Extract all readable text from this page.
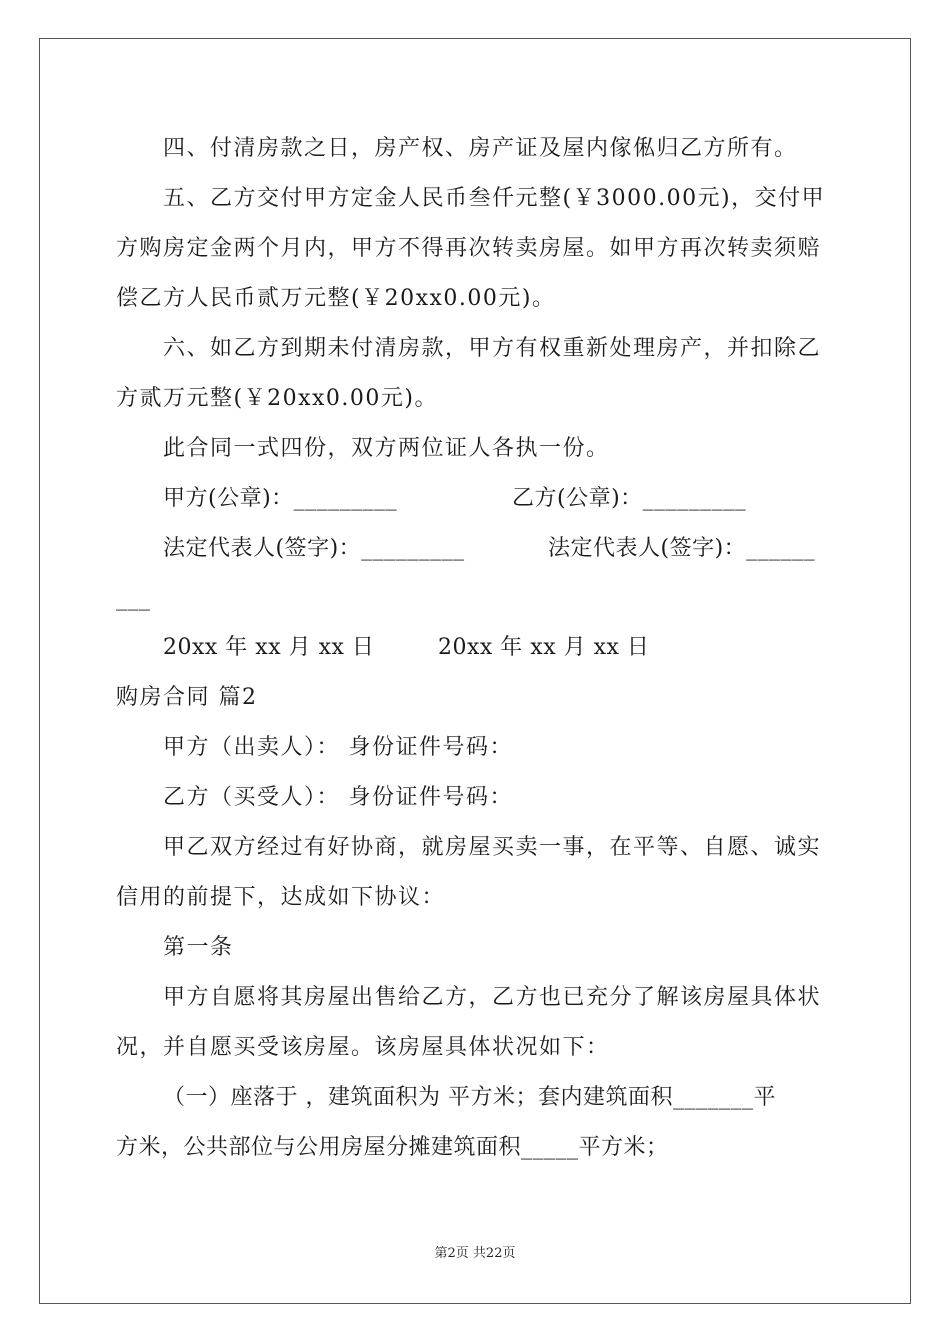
四、付清房款之日，房产权、房产证及屋内傢俬归乙方所有。
五、乙方交付甲方定金人民币叁仟元整(￥3000.00元)，交付甲
方购房定金两个月内，甲方不得再次转卖房屋。如甲方再次转卖须赔
偿乙方人民币贰万元整(￥20xx0.00元)。
六、如乙方到期未付清房款，甲方有权重新处理房产，并扣除乙
方贰万元整(￥20xx0.00元)。
此合同一式四份，双方两位证人各执一份。
甲方(公章)：_________	乙方(公章)：_________
法定代表人(签字)：_________	法定代表人(签字)：______
___
20xx 年 xx 月 xx 日	20xx 年 xx 月 xx 日
购房合同 篇2
甲方（出卖人）： 身份证件号码：
乙方（买受人）： 身份证件号码：
甲乙双方经过有好协商，就房屋买卖一事，在平等、自愿、诚实
信用的前提下，达成如下协议：
第一条
甲方自愿将其房屋出售给乙方，乙方也已充分了解该房屋具体状
况，并自愿买受该房屋。该房屋具体状况如下：
（一）座落于 ，建筑面积为 平方米；套内建筑面积_______平
方米，公共部位与公用房屋分摊建筑面积_____平方米；
第2页 共22页
